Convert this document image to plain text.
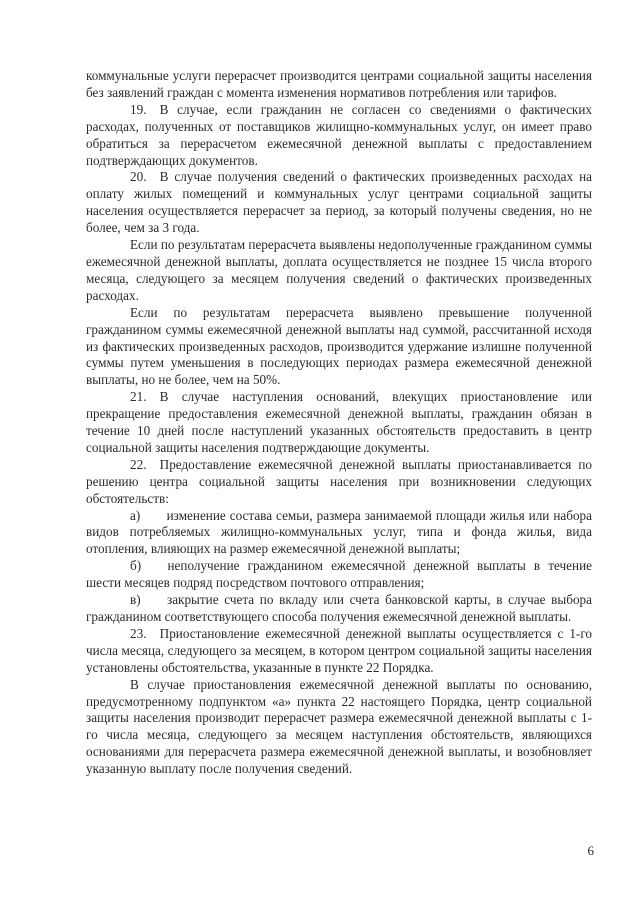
коммунальные услуги перерасчет производится центрами социальной защиты населения без заявлений граждан с момента изменения нормативов потребления или тарифов.

19. В случае, если гражданин не согласен со сведениями о фактических расходах, полученных от поставщиков жилищно-коммунальных услуг, он имеет право обратиться за перерасчетом ежемесячной денежной выплаты с предоставлением подтверждающих документов.

20. В случае получения сведений о фактических произведенных расходах на оплату жилых помещений и коммунальных услуг центрами социальной защиты населения осуществляется перерасчет за период, за который получены сведения, но не более, чем за 3 года.

Если по результатам перерасчета выявлены недополученные гражданином суммы ежемесячной денежной выплаты, доплата осуществляется не позднее 15 числа второго месяца, следующего за месяцем получения сведений о фактических произведенных расходах.

Если по результатам перерасчета выявлено превышение полученной гражданином суммы ежемесячной денежной выплаты над суммой, рассчитанной исходя из фактических произведенных расходов, производится удержание излишне полученной суммы путем уменьшения в последующих периодах размера ежемесячной денежной выплаты, но не более, чем на 50%.

21. В случае наступления оснований, влекущих приостановление или прекращение предоставления ежемесячной денежной выплаты, гражданин обязан в течение 10 дней после наступлений указанных обстоятельств предоставить в центр социальной защиты населения подтверждающие документы.

22. Предоставление ежемесячной денежной выплаты приостанавливается по решению центра социальной защиты населения при возникновении следующих обстоятельств:

а)  изменение состава семьи, размера занимаемой площади жилья или набора видов потребляемых жилищно-коммунальных услуг, типа и фонда жилья, вида отопления, влияющих на размер ежемесячной денежной выплаты;

б)  неполучение гражданином ежемесячной денежной выплаты в течение шести месяцев подряд посредством почтового отправления;

в)  закрытие счета по вкладу или счета банковской карты, в случае выбора гражданином соответствующего способа получения ежемесячной денежной выплаты.

23. Приостановление ежемесячной денежной выплаты осуществляется с 1-го числа месяца, следующего за месяцем, в котором центром социальной защиты населения установлены обстоятельства, указанные в пункте 22 Порядка.

В случае приостановления ежемесячной денежной выплаты по основанию, предусмотренному подпунктом «а» пункта 22 настоящего Порядка, центр социальной защиты населения производит перерасчет размера ежемесячной денежной выплаты с 1-го числа месяца, следующего за месяцем наступления обстоятельств, являющихся основаниями для перерасчета размера ежемесячной денежной выплаты, и возобновляет указанную выплату после получения сведений.

6
